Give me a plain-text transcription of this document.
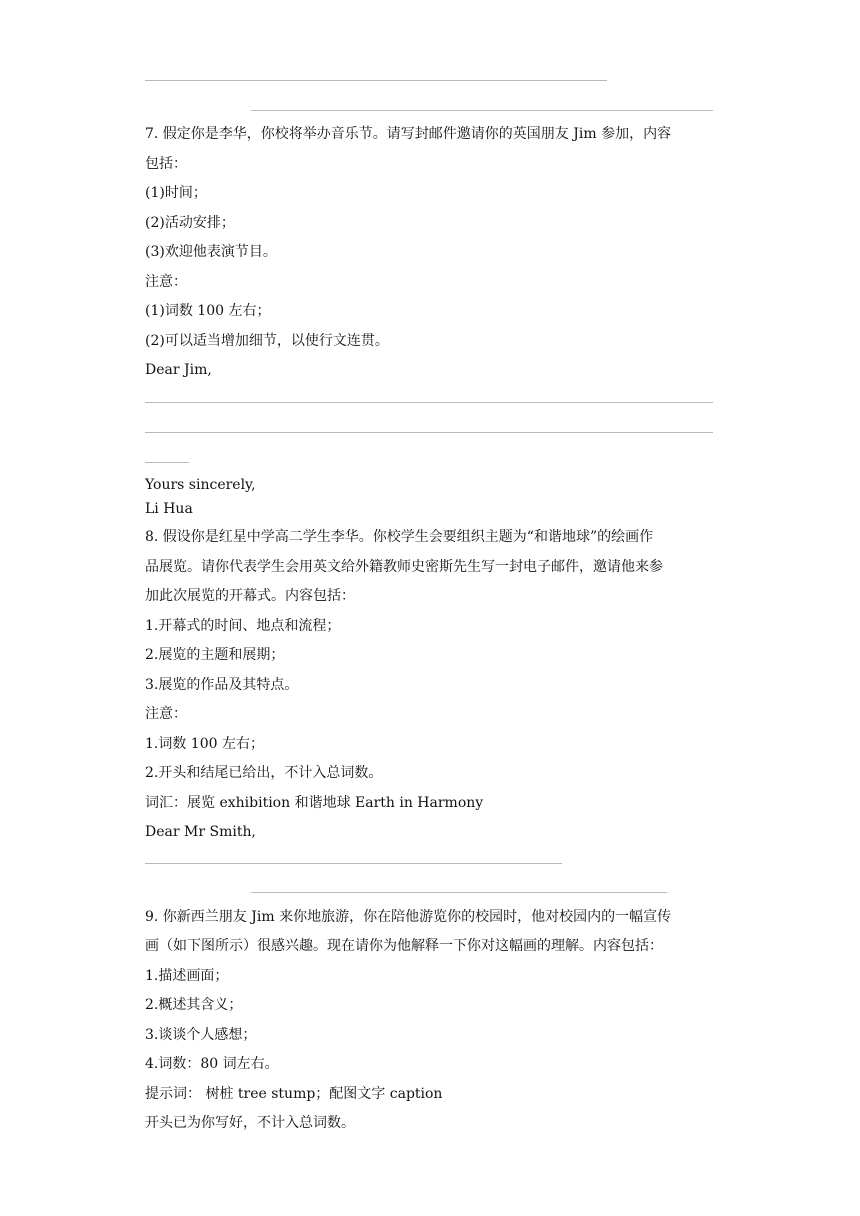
7. 假定你是李华，你校将举办音乐节。请写封邮件邀请你的英国朋友 Jim 参加，内容
包括：
(1)时间；
(2)活动安排；
(3)欢迎他表演节目。
注意：
(1)词数 100 左右；
(2)可以适当增加细节，以使行文连贯。
Dear Jim,
Yours sincerely,
Li Hua
8. 假设你是红星中学高二学生李华。你校学生会要组织主题为“和谐地球”的绘画作
品展览。请你代表学生会用英文给外籍教师史密斯先生写一封电子邮件，邀请他来参
加此次展览的开幕式。内容包括：
1.开幕式的时间、地点和流程；
2.展览的主题和展期；
3.展览的作品及其特点。
注意：
1.词数 100 左右；
2.开头和结尾已给出，不计入总词数。
词汇：展览 exhibition 和谐地球 Earth in Harmony
Dear Mr Smith,
9. 你新西兰朋友 Jim 来你地旅游，你在陪他游览你的校园时，他对校园内的一幅宣传
画（如下图所示）很感兴趣。现在请你为他解释一下你对这幅画的理解。内容包括：
1.描述画面；
2.概述其含义；
3.谈谈个人感想；
4.词数：80 词左右。
提示词： 树桩 tree stump；配图文字 caption
开头已为你写好，不计入总词数。
